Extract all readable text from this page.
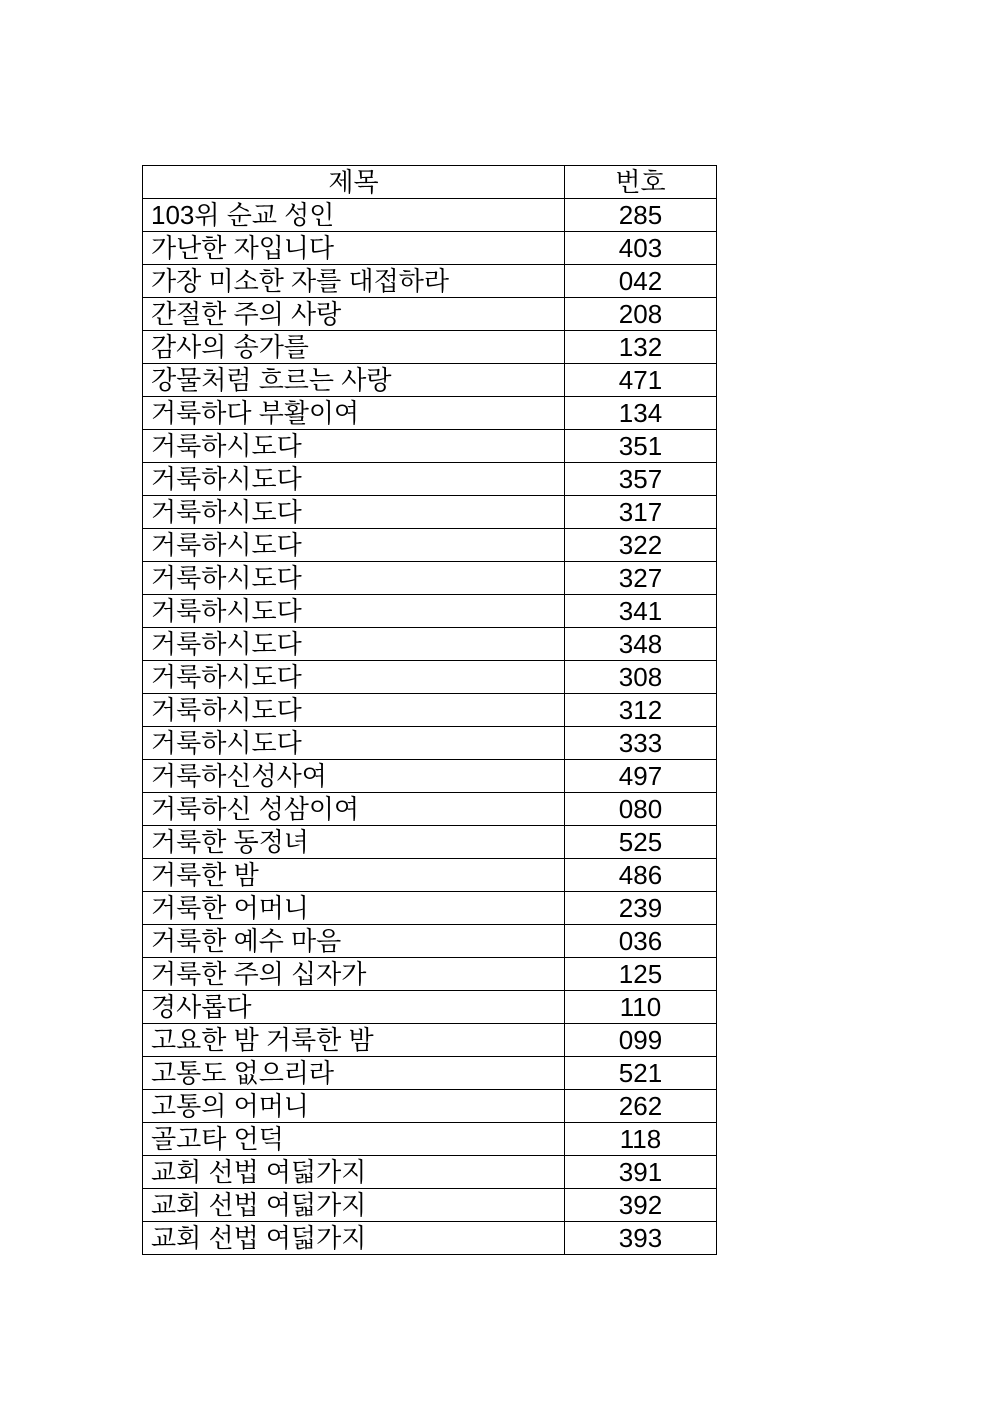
제목	번호
103위 순교 성인	285
가난한 자입니다	403
가장 미소한 자를 대접하라	042
간절한 주의 사랑	208
감사의 송가를	132
강물처럼 흐르는 사랑	471
거룩하다 부활이여	134
거룩하시도다	351
거룩하시도다	357
거룩하시도다	317
거룩하시도다	322
거룩하시도다	327
거룩하시도다	341
거룩하시도다	348
거룩하시도다	308
거룩하시도다	312
거룩하시도다	333
거룩하신성사여	497
거룩하신 성삼이여	080
거룩한 동정녀	525
거룩한 밤	486
거룩한 어머니	239
거룩한 예수 마음	036
거룩한 주의 십자가	125
경사롭다	110
고요한 밤 거룩한 밤	099
고통도 없으리라	521
고통의 어머니	262
골고타 언덕	118
교회 선법 여덟가지	391
교회 선법 여덟가지	392
교회 선법 여덟가지	393
